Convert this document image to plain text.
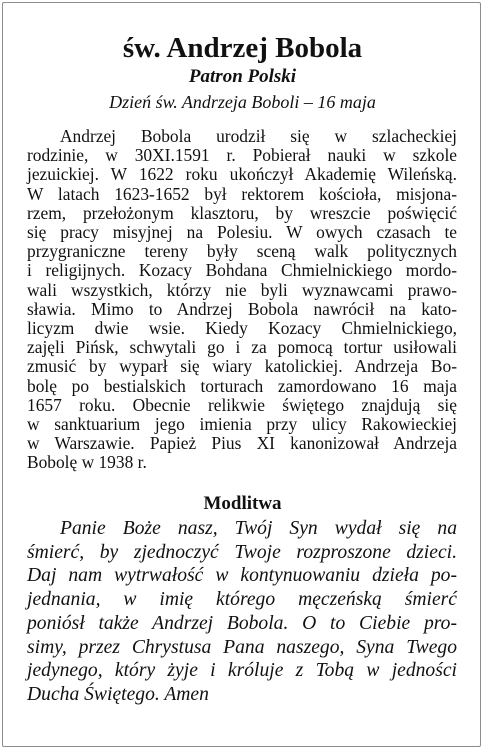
św. Andrzej Bobola
Patron Polski
Dzień św. Andrzeja Boboli – 16 maja
Andrzej Bobola urodził się w szlacheckiej
rodzinie, w 30XI.1591 r. Pobierał nauki w szkole
jezuickiej. W 1622 roku ukończył Akademię Wileńską.
W latach 1623-1652 był rektorem kościoła, misjona-
rzem, przełożonym klasztoru, by wreszcie poświęcić
się pracy misyjnej na Polesiu. W owych czasach te
przygraniczne tereny były sceną walk politycznych
i religijnych. Kozacy Bohdana Chmielnickiego mordo-
wali wszystkich, którzy nie byli wyznawcami prawo-
sławia. Mimo to Andrzej Bobola nawrócił na kato-
licyzm dwie wsie. Kiedy Kozacy Chmielnickiego,
zajęli Pińsk, schwytali go i za pomocą tortur usiłowali
zmusić by wyparł się wiary katolickiej. Andrzeja Bo-
bolę po bestialskich torturach zamordowano 16 maja
1657 roku. Obecnie relikwie świętego znajdują się
w sanktuarium jego imienia przy ulicy Rakowieckiej
w Warszawie. Papież Pius XI kanonizował Andrzeja
Bobolę w 1938 r.
Modlitwa
Panie Boże nasz, Twój Syn wydał się na
śmierć, by zjednoczyć Twoje rozproszone dzieci.
Daj nam wytrwałość w kontynuowaniu dzieła po-
jednania, w imię którego męczeńską śmierć
poniósł także Andrzej Bobola. O to Ciebie pro-
simy, przez Chrystusa Pana naszego, Syna Twego
jedynego, który żyje i króluje z Tobą w jedności
Ducha Świętego. Amen
